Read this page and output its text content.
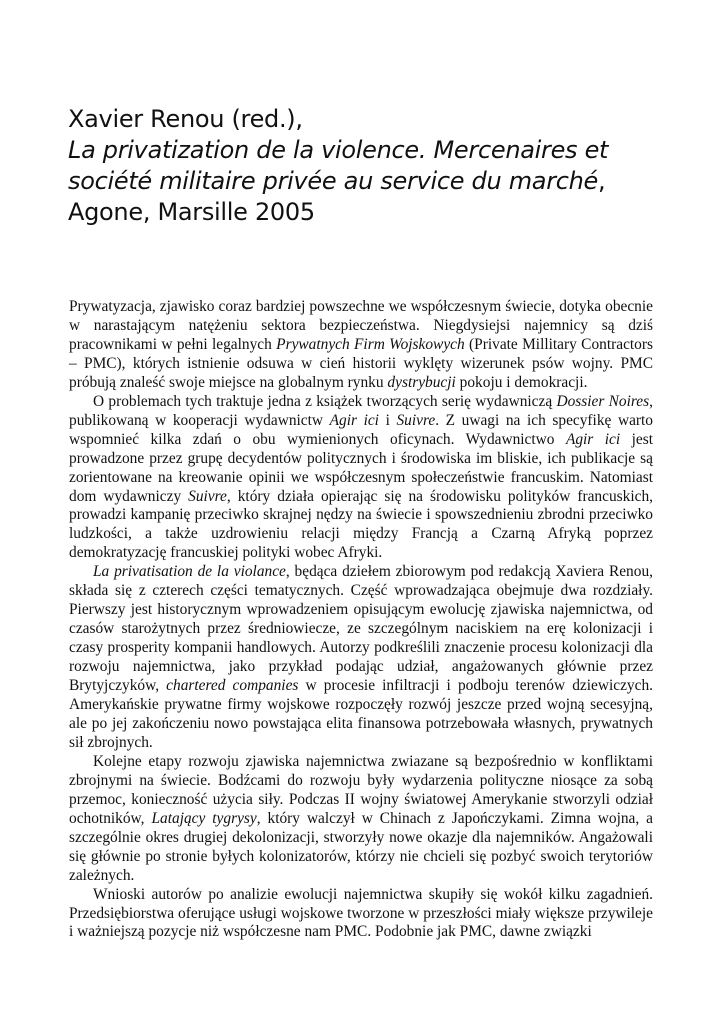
Xavier Renou (red.),
La privatization de la violence. Mercenaires et
société militaire privée au service du marché,
Agone, Marsille 2005

Prywatyzacja, zjawisko coraz bardziej powszechne we współczesnym świecie, dotyka obecnie w narastającym natężeniu sektora bezpieczeństwa. Niegdysiejsi najemnicy są dziś pracownikami w pełni legalnych Prywatnych Firm Wojskowych (Private Millitary Contractors – PMC), których istnienie odsuwa w cień historii wyklęty wizerunek psów wojny. PMC próbują znaleść swoje miejsce na globalnym rynku dystrybucji pokoju i demokracji.

O problemach tych traktuje jedna z książek tworzących serię wydawniczą Dossier Noires, publikowaną w kooperacji wydawnictw Agir ici i Suivre. Z uwagi na ich specyfikę warto wspomnieć kilka zdań o obu wymienionych oficynach. Wydawnictwo Agir ici jest prowadzone przez grupę decydentów politycznych i środowiska im bliskie, ich publikacje są zorientowane na kreowanie opinii we współczesnym społeczeństwie francuskim. Natomiast dom wydawniczy Suivre, który działa opierając się na środowisku polityków francuskich, prowadzi kampanię przeciwko skrajnej nędzy na świecie i spowszednieniu zbrodni przeciwko ludzkości, a także uzdrowieniu relacji między Francją a Czarną Afryką poprzez demokratyzację francuskiej polityki wobec Afryki.

La privatisation de la violance, będąca dziełem zbiorowym pod redakcją Xaviera Renou, składa się z czterech części tematycznych. Część wprowadzająca obejmuje dwa rozdziały. Pierwszy jest historycznym wprowadzeniem opisującym ewolucję zjawiska najemnictwa, od czasów starożytnych przez średniowiecze, ze szczególnym naciskiem na erę kolonizacji i czasy prosperity kompanii handlowych. Autorzy podkreślili znaczenie procesu kolonizacji dla rozwoju najemnictwa, jako przykład podając udział, angażowanych głównie przez Brytyjczyków, chartered companies w procesie infiltracji i podboju terenów dziewiczych. Amerykańskie prywatne firmy wojskowe rozpoczęły rozwój jeszcze przed wojną secesyjną, ale po jej zakończeniu nowo powstająca elita finansowa potrzebowała własnych, prywatnych sił zbrojnych.

Kolejne etapy rozwoju zjawiska najemnictwa zwiazane są bezpośrednio w konfliktami zbrojnymi na świecie. Bodźcami do rozwoju były wydarzenia polityczne niosące za sobą przemoc, konieczność użycia siły. Podczas II wojny światowej Amerykanie stworzyli odział ochotników, Latający tygrysy, który walczył w Chinach z Japończykami. Zimna wojna, a szczególnie okres drugiej dekolonizacji, stworzyły nowe okazje dla najemników. Angażowali się głównie po stronie byłych kolonizatorów, którzy nie chcieli się pozbyć swoich terytoriów zależnych.

Wnioski autorów po analizie ewolucji najemnictwa skupiły się wokół kilku zagadnień. Przedsiębiorstwa oferujące usługi wojskowe tworzone w przeszłości miały większe przywileje i ważniejszą pozycje niż współczesne nam PMC. Podobnie jak PMC, dawne związki
